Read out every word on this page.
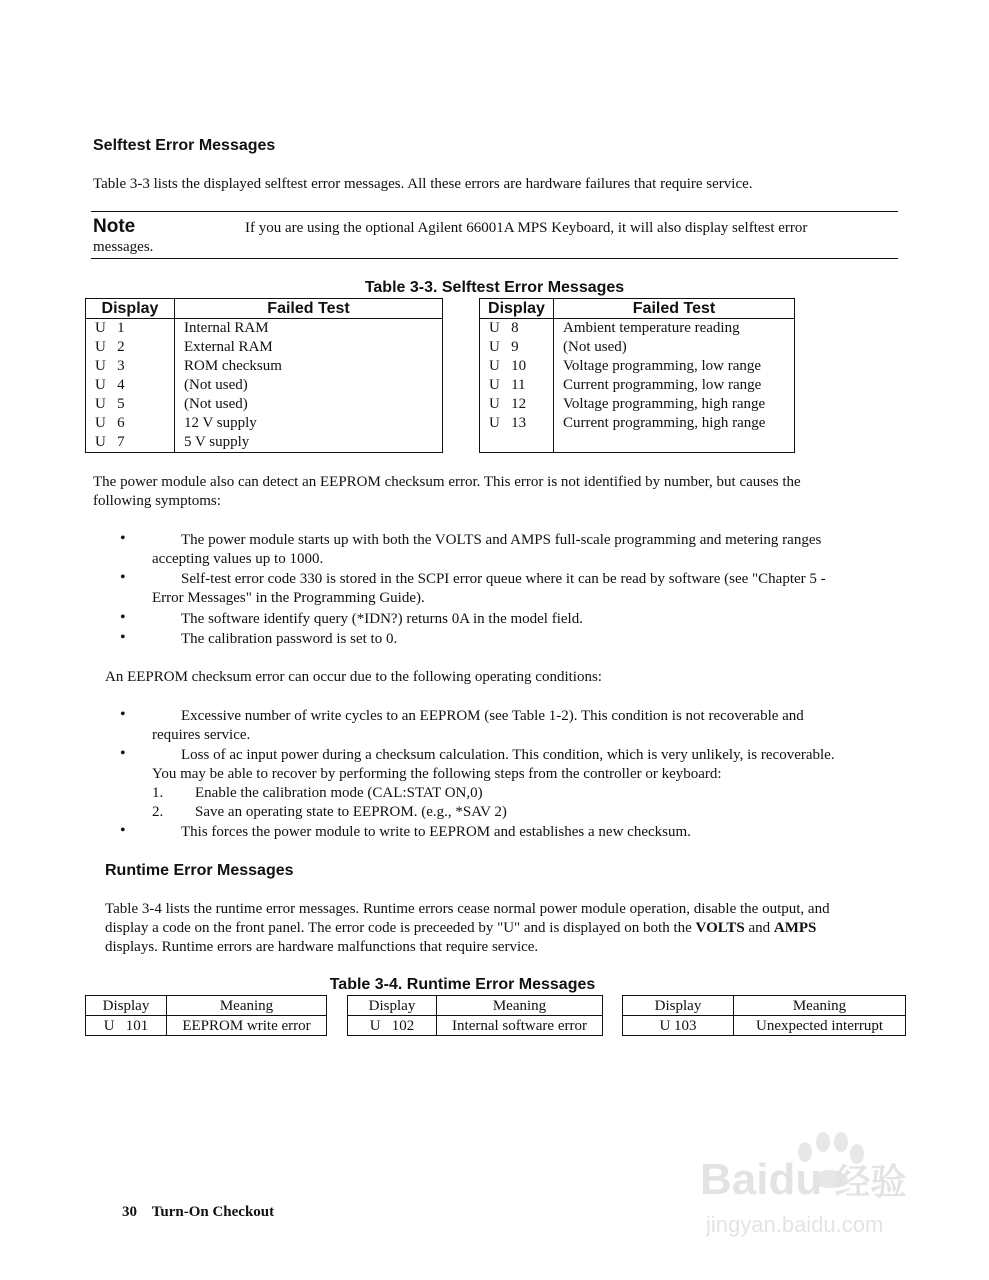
Selftest Error Messages
Table 3-3 lists the displayed selftest error messages. All these errors are hardware failures that require service.
Note	If you are using the optional Agilent 66001A MPS Keyboard, it will also display selftest error
messages.
Table 3-3. Selftest Error Messages
Display	Failed Test
U   1	Internal RAM
U   2	External RAM
U   3	ROM checksum
U   4	(Not used)
U   5	(Not used)
U   6	12 V supply
U   7	5 V supply
Display	Failed Test
U   8	Ambient temperature reading
U   9	(Not used)
U   10	Voltage programming, low range
U   11	Current programming, low range
U   12	Voltage programming, high range
U   13	Current programming, high range

The power module also can detect an EEPROM checksum error. This error is not identified by number, but causes the
following symptoms:
•	The power module starts up with both the VOLTS and AMPS full-scale programming and metering ranges
accepting values up to 1000.
•	Self-test error code 330 is stored in the SCPI error queue where it can be read by software (see "Chapter 5 -
Error Messages" in the Programming Guide).
•	The software identify query (*IDN?) returns 0A in the model field.
•	The calibration password is set to 0.
An EEPROM checksum error can occur due to the following operating conditions:
•	Excessive number of write cycles to an EEPROM (see Table 1-2). This condition is not recoverable and
requires service.
•	Loss of ac input power during a checksum calculation. This condition, which is very unlikely, is recoverable.
You may be able to recover by performing the following steps from the controller or keyboard:
1. Enable the calibration mode (CAL:STAT ON,0)
2. Save an operating state to EEPROM. (e.g., *SAV 2)
•	This forces the power module to write to EEPROM and establishes a new checksum.
Runtime Error Messages
Table 3-4 lists the runtime error messages. Runtime errors cease normal power module operation, disable the output, and
display a code on the front panel. The error code is preceeded by "U" and is displayed on both the VOLTS and AMPS
displays. Runtime errors are hardware malfunctions that require service.
Table 3-4. Runtime Error Messages
Display	Meaning
U   101	EEPROM write error
Display	Meaning
U   102	Internal software error
Display	Meaning
U 103	Unexpected interrupt
30 Turn-On Checkout
Baidu 经验
jingyan.baidu.com
